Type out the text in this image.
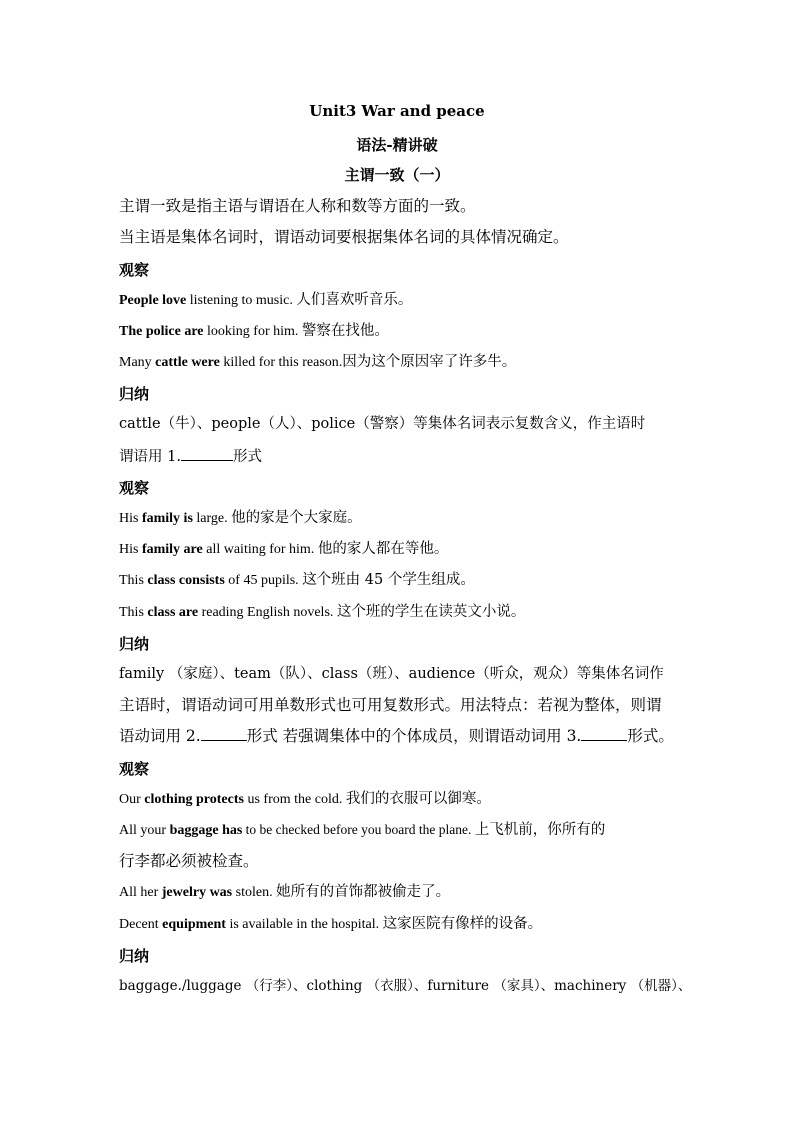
Unit3 War and peace
语法-精讲破
主谓一致（一）
主谓一致是指主语与谓语在人称和数等方面的一致。
当主语是集体名词时，谓语动词要根据集体名词的具体情况确定。
观察
People love listening to music. 人们喜欢听音乐。
The police are looking for him. 警察在找他。
Many cattle were killed for this reason.因为这个原因宰了许多牛。
归纳
cattle（牛）、people（人）、police（警察）等集体名词表示复数含义，作主语时
谓语用 1.	形式
观察
His family is large. 他的家是个大家庭。
His family are all waiting for him. 他的家人都在等他。
This class consists of 45 pupils. 这个班由 45 个学生组成。
This class are reading English novels. 这个班的学生在读英文小说。
归纳
family （家庭）、team（队）、class（班）、audience（听众，观众）等集体名词作
主语时，谓语动词可用单数形式也可用复数形式。用法特点：若视为整体，则谓
语动词用 2.	形式 若强调集体中的个体成员，则谓语动词用 3.	形式。
观察
Our clothing protects us from the cold. 我们的衣服可以御寒。
All your baggage has to be checked before you board the plane. 上飞机前，你所有的
行李都必须被检查。
All her jewelry was stolen. 她所有的首饰都被偷走了。
Decent equipment is available in the hospital. 这家医院有像样的设备。
归纳
baggage./luggage （行李）、clothing （衣服）、furniture （家具）、machinery （机器）、
